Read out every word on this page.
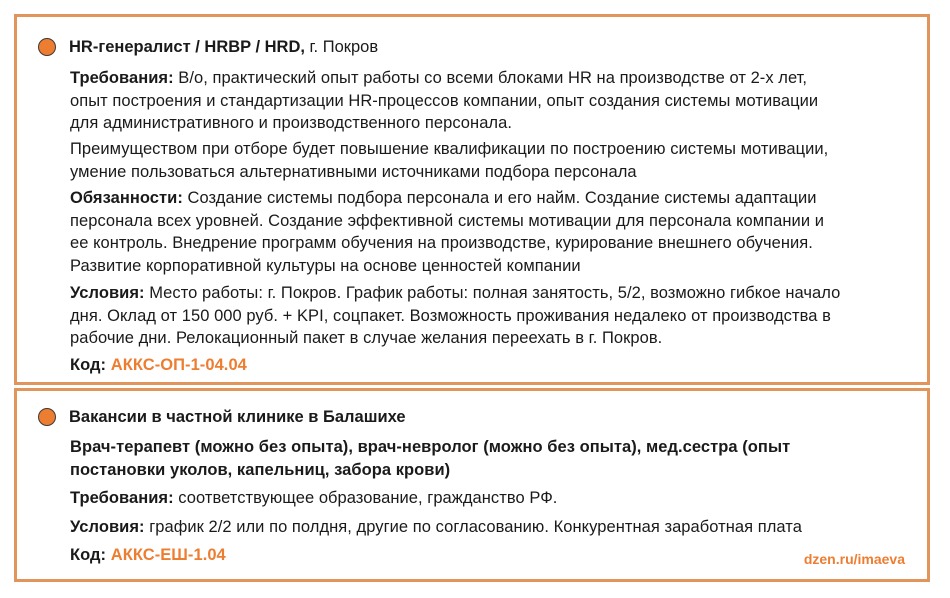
HR-генералист / HRBP / HRD, г. Покров
Требования: В/о, практический опыт работы со всеми блоками HR на производстве от 2-х лет,
опыт построения и стандартизации HR-процессов компании, опыт создания системы мотивации
для административного и производственного персонала.
Преимуществом при отборе будет повышение квалификации по построению системы мотивации,
умение пользоваться альтернативными источниками подбора персонала
Обязанности: Создание системы подбора персонала и его найм. Создание системы адаптации
персонала всех уровней. Создание эффективной системы мотивации для персонала компании и
ее контроль. Внедрение программ обучения на производстве, курирование внешнего обучения.
Развитие корпоративной культуры на основе ценностей компании
Условия: Место работы: г. Покров. График работы: полная занятость, 5/2, возможно гибкое начало
дня. Оклад от 150 000 руб. + KPI, соцпакет. Возможность проживания недалеко от производства в
рабочие дни. Релокационный пакет в случае желания переехать в г. Покров.
Код: АККС-ОП-1-04.04
Вакансии в частной клинике в Балашихе
Врач-терапевт (можно без опыта), врач-невролог (можно без опыта), мед.сестра (опыт
постановки уколов, капельниц, забора крови)
Требования: соответствующее образование, гражданство РФ.
Условия: график 2/2 или по полдня, другие по согласованию. Конкурентная заработная плата
Код: АККС-ЕШ-1.04	dzen.ru/imaeva
